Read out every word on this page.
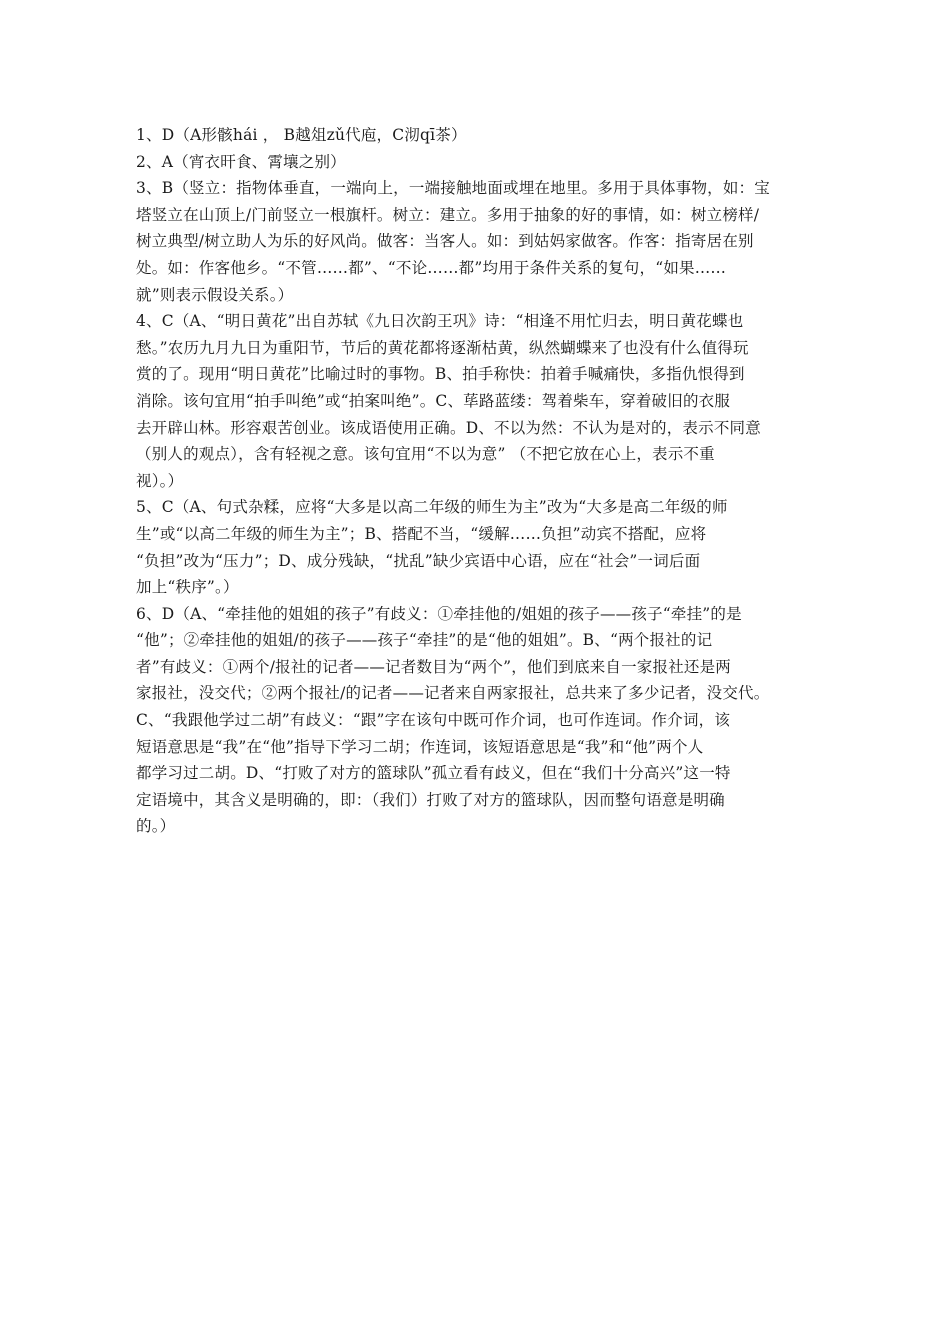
1、D（A形骸hái ， B越俎zǔ代庖，C沏qī茶）
2、A（宵衣旰食、霄壤之别）
3、B（竖立：指物体垂直，一端向上，一端接触地面或埋在地里。多用于具体事物，如：宝
塔竖立在山顶上/门前竖立一根旗杆。树立：建立。多用于抽象的好的事情，如：树立榜样/
树立典型/树立助人为乐的好风尚。做客：当客人。如：到姑妈家做客。作客：指寄居在别
处。如：作客他乡。“不管……都”、“不论……都”均用于条件关系的复句，“如果……
就”则表示假设关系。）
4、C（A、“明日黄花”出自苏轼《九日次韵王巩》诗：“相逢不用忙归去，明日黄花蝶也
愁。”农历九月九日为重阳节，节后的黄花都将逐渐枯黄，纵然蝴蝶来了也没有什么值得玩
赏的了。现用“明日黄花”比喻过时的事物。B、拍手称快：拍着手喊痛快，多指仇恨得到
消除。该句宜用“拍手叫绝”或“拍案叫绝”。C、荜路蓝缕：驾着柴车，穿着破旧的衣服
去开辟山林。形容艰苦创业。该成语使用正确。D、不以为然：不认为是对的，表示不同意
（别人的观点），含有轻视之意。该句宜用“不以为意” （不把它放在心上，表示不重
视）。）
5、C（A、句式杂糅，应将“大多是以高二年级的师生为主”改为“大多是高二年级的师
生”或“以高二年级的师生为主”；B、搭配不当，“缓解……负担”动宾不搭配，应将
“负担”改为“压力”；D、成分残缺，“扰乱”缺少宾语中心语，应在“社会”一词后面
加上“秩序”。）
6、D（A、“牵挂他的姐姐的孩子”有歧义：①牵挂他的/姐姐的孩子——孩子“牵挂”的是
“他”；②牵挂他的姐姐/的孩子——孩子“牵挂”的是“他的姐姐”。B、“两个报社的记
者”有歧义：①两个/报社的记者——记者数目为“两个”，他们到底来自一家报社还是两
家报社，没交代；②两个报社/的记者——记者来自两家报社，总共来了多少记者，没交代。
C、“我跟他学过二胡”有歧义：“跟”字在该句中既可作介词，也可作连词。作介词，该
短语意思是“我”在“他”指导下学习二胡；作连词，该短语意思是“我”和“他”两个人
都学习过二胡。D、“打败了对方的篮球队”孤立看有歧义，但在“我们十分高兴”这一特
定语境中，其含义是明确的，即：（我们）打败了对方的篮球队，因而整句语意是明确
的。）
